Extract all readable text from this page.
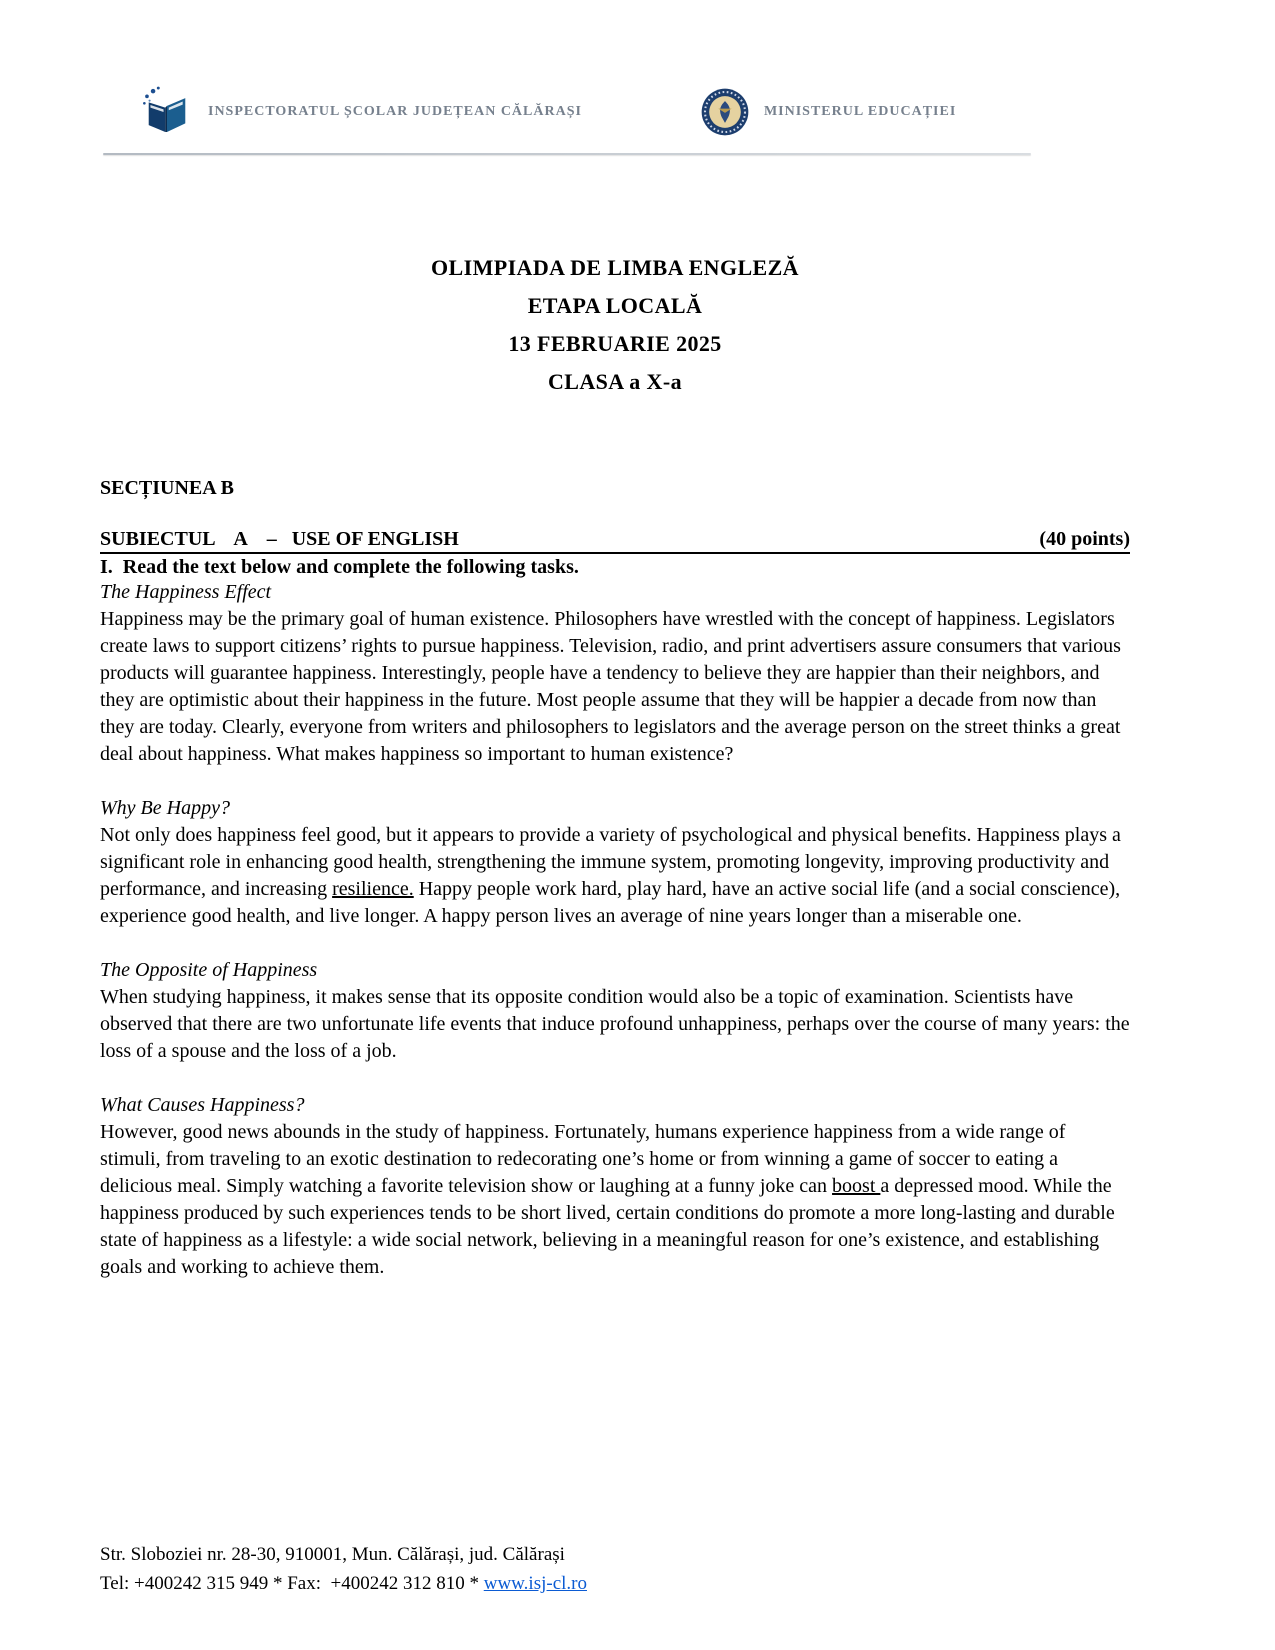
INSPECTORATUL ȘCOLAR JUDEȚEAN CĂLĂRAȘI	MINISTERUL EDUCAȚIEI
OLIMPIADA DE LIMBA ENGLEZĂ
ETAPA LOCALĂ
13 FEBRUARIE 2025
CLASA a X-a
SECȚIUNEA B
SUBIECTUL    A    –   USE OF ENGLISH	(40 points)
I.  Read the text below and complete the following tasks.
The Happiness Effect

Happiness may be the primary goal of human existence. Philosophers have wrestled with the concept of happiness. Legislators create laws to support citizens’ rights to pursue happiness. Television, radio, and print advertisers assure consumers that various products will guarantee happiness. Interestingly, people have a tendency to believe they are happier than their neighbors, and they are optimistic about their happiness in the future. Most people assume that they will be happier a decade from now than they are today. Clearly, everyone from writers and philosophers to legislators and the average person on the street thinks a great deal about happiness. What makes happiness so important to human existence?

Why Be Happy?

Not only does happiness feel good, but it appears to provide a variety of psychological and physical benefits. Happiness plays a significant role in enhancing good health, strengthening the immune system, promoting longevity, improving productivity and performance, and increasing resilience. Happy people work hard, play hard, have an active social life (and a social conscience), experience good health, and live longer. A happy person lives an average of nine years longer than a miserable one.

The Opposite of Happiness

When studying happiness, it makes sense that its opposite condition would also be a topic of examination. Scientists have observed that there are two unfortunate life events that induce profound unhappiness, perhaps over the course of many years: the loss of a spouse and the loss of a job.

What Causes Happiness?

However, good news abounds in the study of happiness. Fortunately, humans experience happiness from a wide range of stimuli, from traveling to an exotic destination to redecorating one’s home or from winning a game of soccer to eating a delicious meal. Simply watching a favorite television show or laughing at a funny joke can boost a depressed mood. While the happiness produced by such experiences tends to be short lived, certain conditions do promote a more long-lasting and durable state of happiness as a lifestyle: a wide social network, believing in a meaningful reason for one’s existence, and establishing goals and working to achieve them.

Str. Sloboziei nr. 28-30, 910001, Mun. Călărași, jud. Călărași
Tel: +400242 315 949 * Fax:  +400242 312 810 * www.isj-cl.ro
